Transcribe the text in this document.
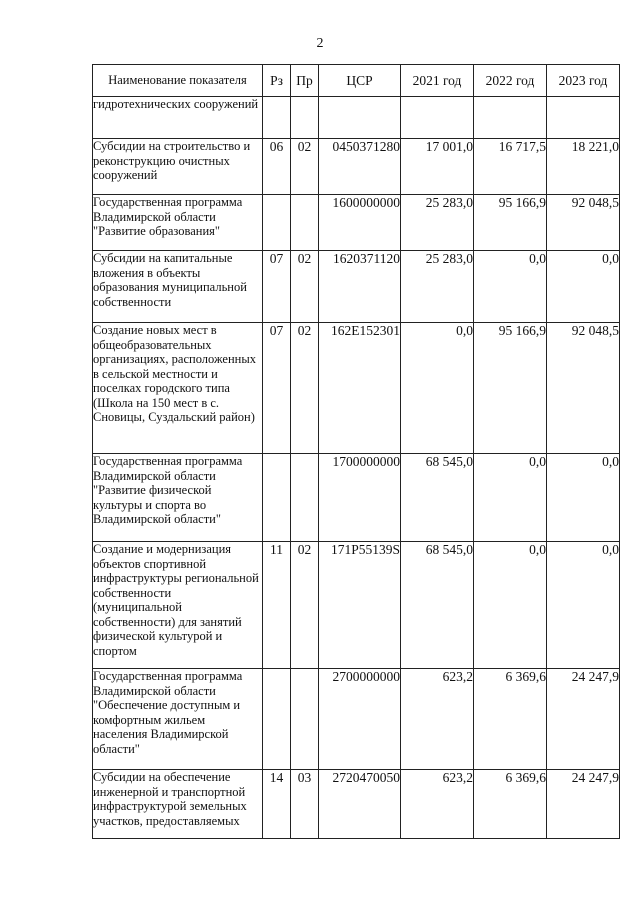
2
Наименование показателя	Рз	Пр	ЦСР	2021 год	2022 год	2023 год
гидротехнических сооружений						
Субсидии на строительство и реконструкцию очистных сооружений	06	02	0450371280	17 001,0	16 717,5	18 221,0
Государственная программа Владимирской области "Развитие образования"			1600000000	25 283,0	95 166,9	92 048,5
Субсидии на капитальные вложения в объекты образования муниципальной собственности	07	02	1620371120	25 283,0	0,0	0,0
Создание новых мест в общеобразовательных организациях, расположенных в сельской местности и поселках городского типа (Школа на 150 мест в с. Сновицы, Суздальский район)	07	02	162E152301	0,0	95 166,9	92 048,5
Государственная программа Владимирской области "Развитие физической культуры и спорта во Владимирской области"			1700000000	68 545,0	0,0	0,0
Создание и модернизация объектов спортивной инфраструктуры региональной собственности (муниципальной собственности) для занятий физической культурой и спортом	11	02	171P55139S	68 545,0	0,0	0,0
Государственная программа Владимирской области "Обеспечение доступным и комфортным жильем населения Владимирской области"			2700000000	623,2	6 369,6	24 247,9
Субсидии на обеспечение инженерной и транспортной инфраструктурой земельных участков, предоставляемых	14	03	2720470050	623,2	6 369,6	24 247,9
